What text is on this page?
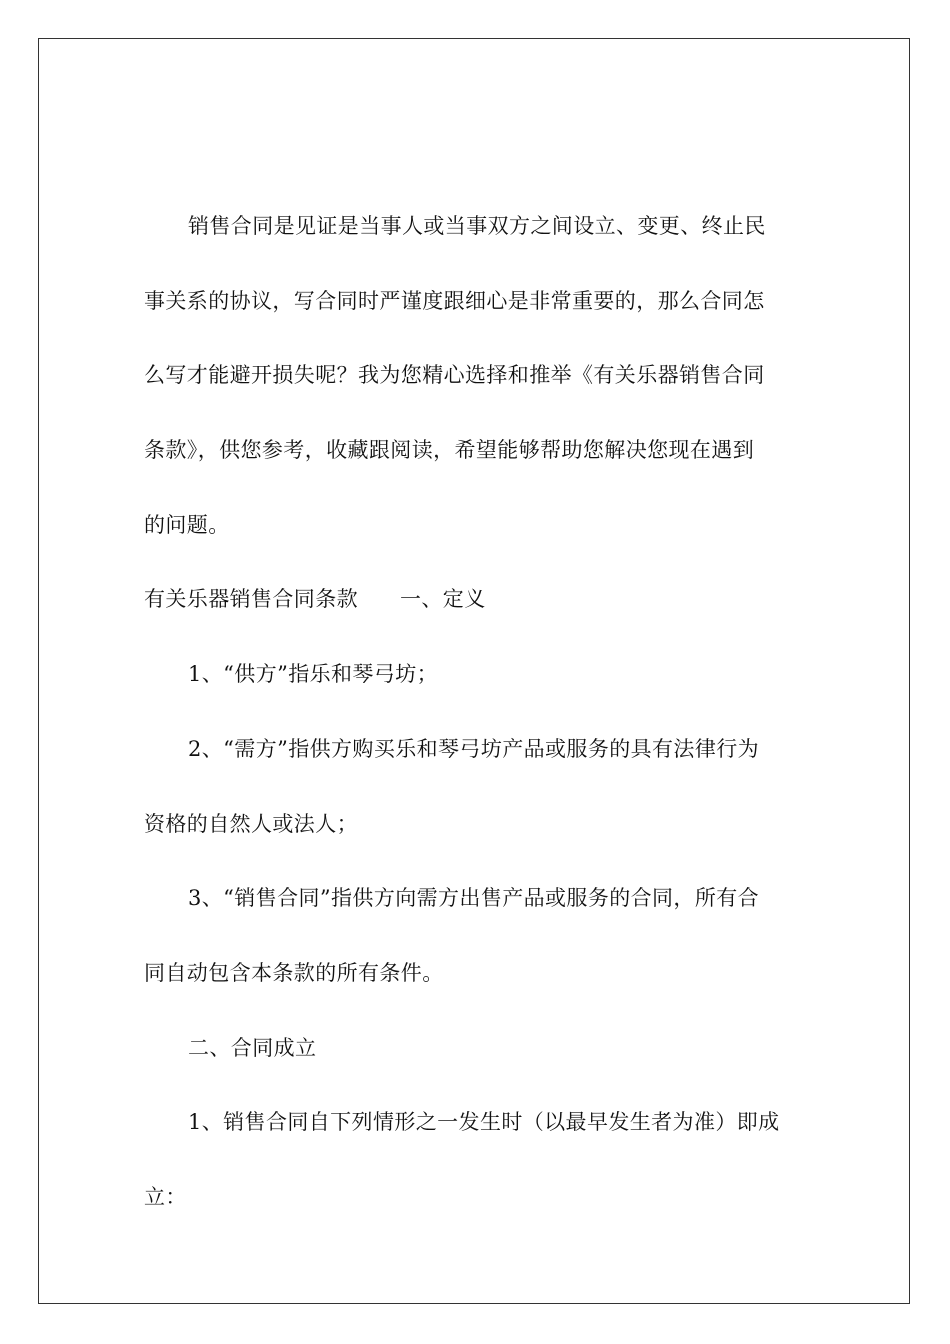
销售合同是见证是当事人或当事双方之间设立、变更、终止民
事关系的协议，写合同时严谨度跟细心是非常重要的，那么合同怎
么写才能避开损失呢？我为您精心选择和推举《有关乐器销售合同
条款》，供您参考，收藏跟阅读，希望能够帮助您解决您现在遇到
的问题。
有关乐器销售合同条款 一、定义
1、“供方”指乐和琴弓坊；
2、“需方”指供方购买乐和琴弓坊产品或服务的具有法律行为
资格的自然人或法人；
3、“销售合同”指供方向需方出售产品或服务的合同，所有合
同自动包含本条款的所有条件。
二、合同成立
1、销售合同自下列情形之一发生时（以最早发生者为准）即成
立：
